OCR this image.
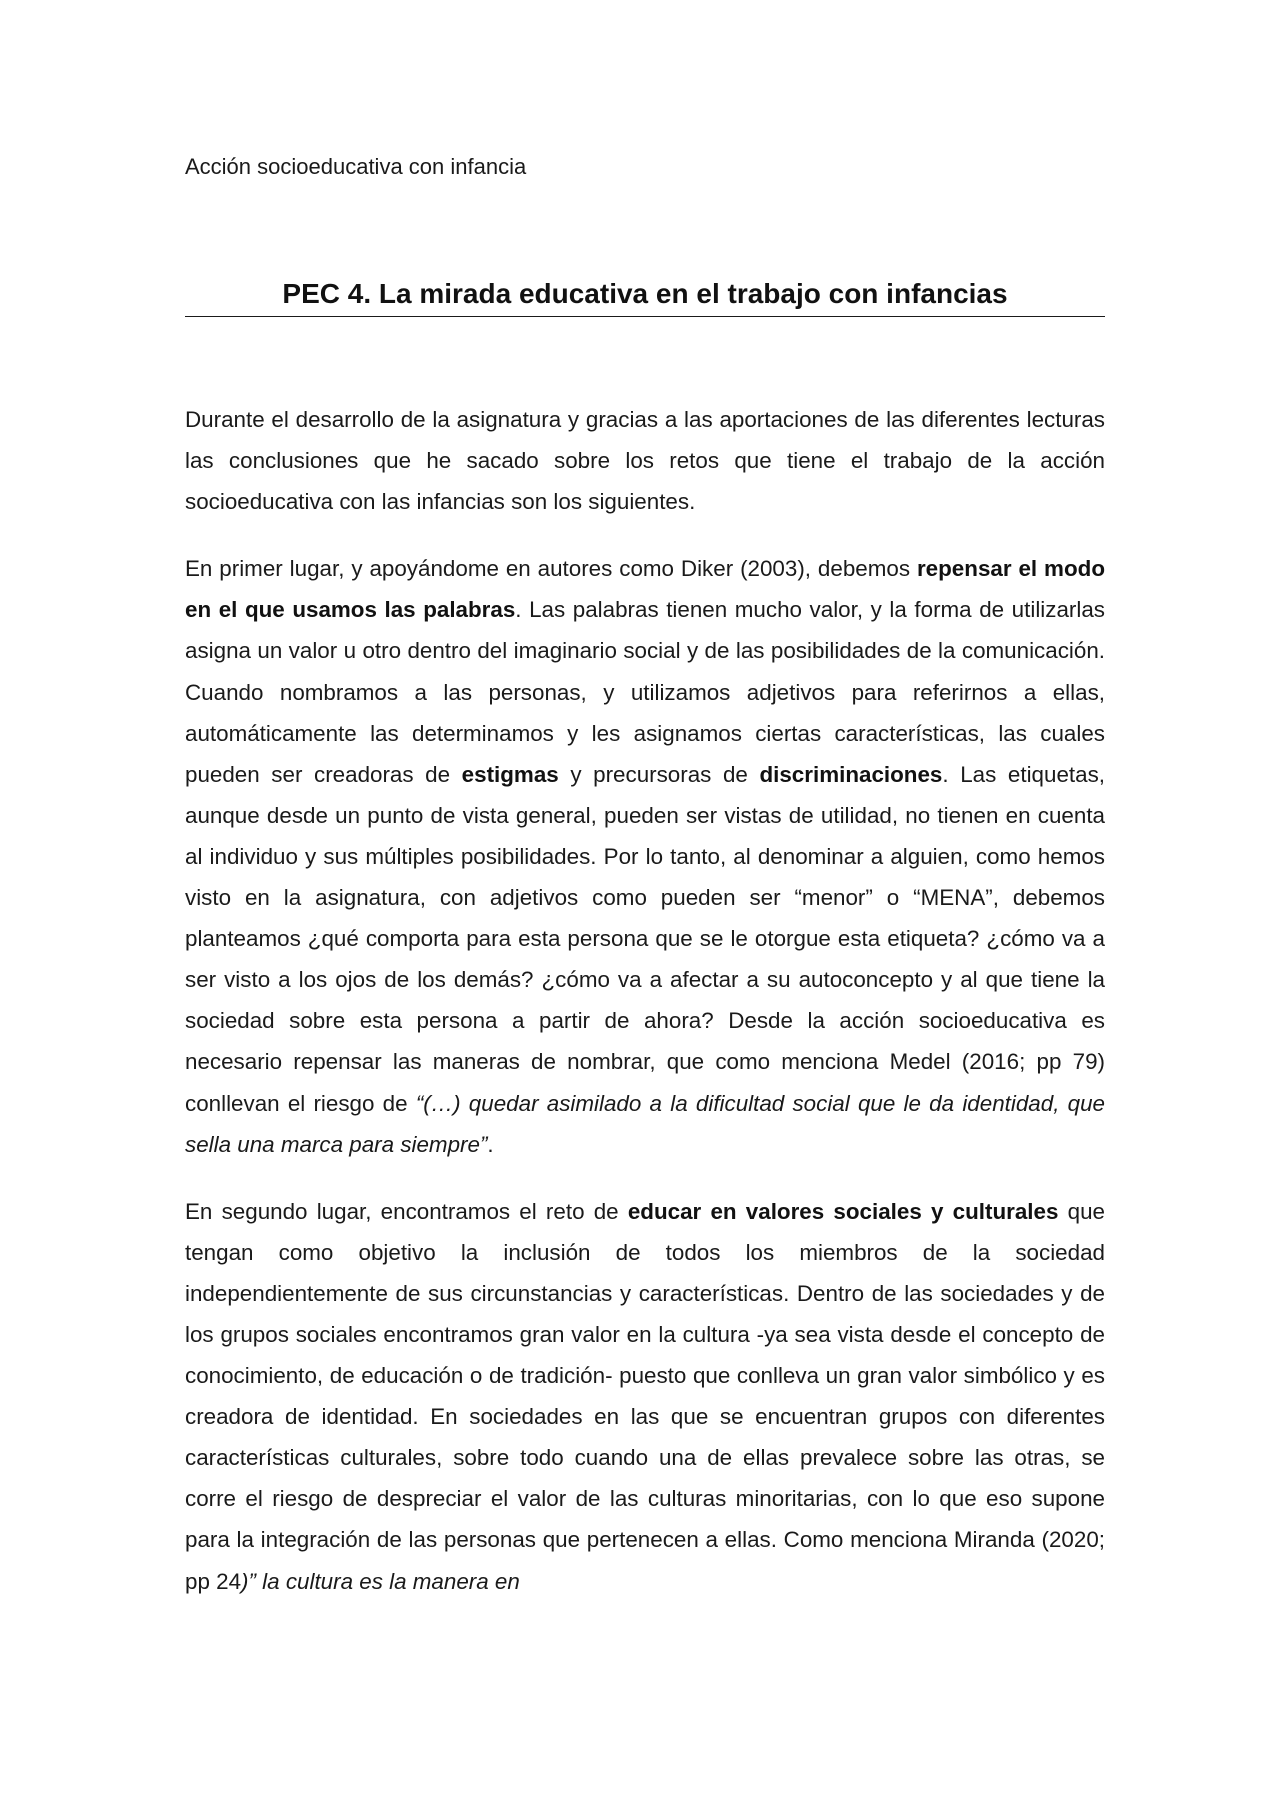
Acción socioeducativa con infancia
PEC 4. La mirada educativa en el trabajo con infancias

Durante el desarrollo de la asignatura y gracias a las aportaciones de las diferentes lecturas las conclusiones que he sacado sobre los retos que tiene el trabajo de la acción socioeducativa con las infancias son los siguientes.

En primer lugar, y apoyándome en autores como Diker (2003), debemos repensar el modo en el que usamos las palabras. Las palabras tienen mucho valor, y la forma de utilizarlas asigna un valor u otro dentro del imaginario social y de las posibilidades de la comunicación. Cuando nombramos a las personas, y utilizamos adjetivos para referirnos a ellas, automáticamente las determinamos y les asignamos ciertas características, las cuales pueden ser creadoras de estigmas y precursoras de discriminaciones. Las etiquetas, aunque desde un punto de vista general, pueden ser vistas de utilidad, no tienen en cuenta al individuo y sus múltiples posibilidades. Por lo tanto, al denominar a alguien, como hemos visto en la asignatura, con adjetivos como pueden ser “menor” o “MENA”, debemos planteamos ¿qué comporta para esta persona que se le otorgue esta etiqueta? ¿cómo va a ser visto a los ojos de los demás? ¿cómo va a afectar a su autoconcepto y al que tiene la sociedad sobre esta persona a partir de ahora? Desde la acción socioeducativa es necesario repensar las maneras de nombrar, que como menciona Medel (2016; pp 79) conllevan el riesgo de “(…) quedar asimilado a la dificultad social que le da identidad, que sella una marca para siempre”.

En segundo lugar, encontramos el reto de educar en valores sociales y culturales que tengan como objetivo la inclusión de todos los miembros de la sociedad independientemente de sus circunstancias y características. Dentro de las sociedades y de los grupos sociales encontramos gran valor en la cultura -ya sea vista desde el concepto de conocimiento, de educación o de tradición- puesto que conlleva un gran valor simbólico y es creadora de identidad. En sociedades en las que se encuentran grupos con diferentes características culturales, sobre todo cuando una de ellas prevalece sobre las otras, se corre el riesgo de despreciar el valor de las culturas minoritarias, con lo que eso supone para la integración de las personas que pertenecen a ellas. Como menciona Miranda (2020; pp 24)” la cultura es la manera en
